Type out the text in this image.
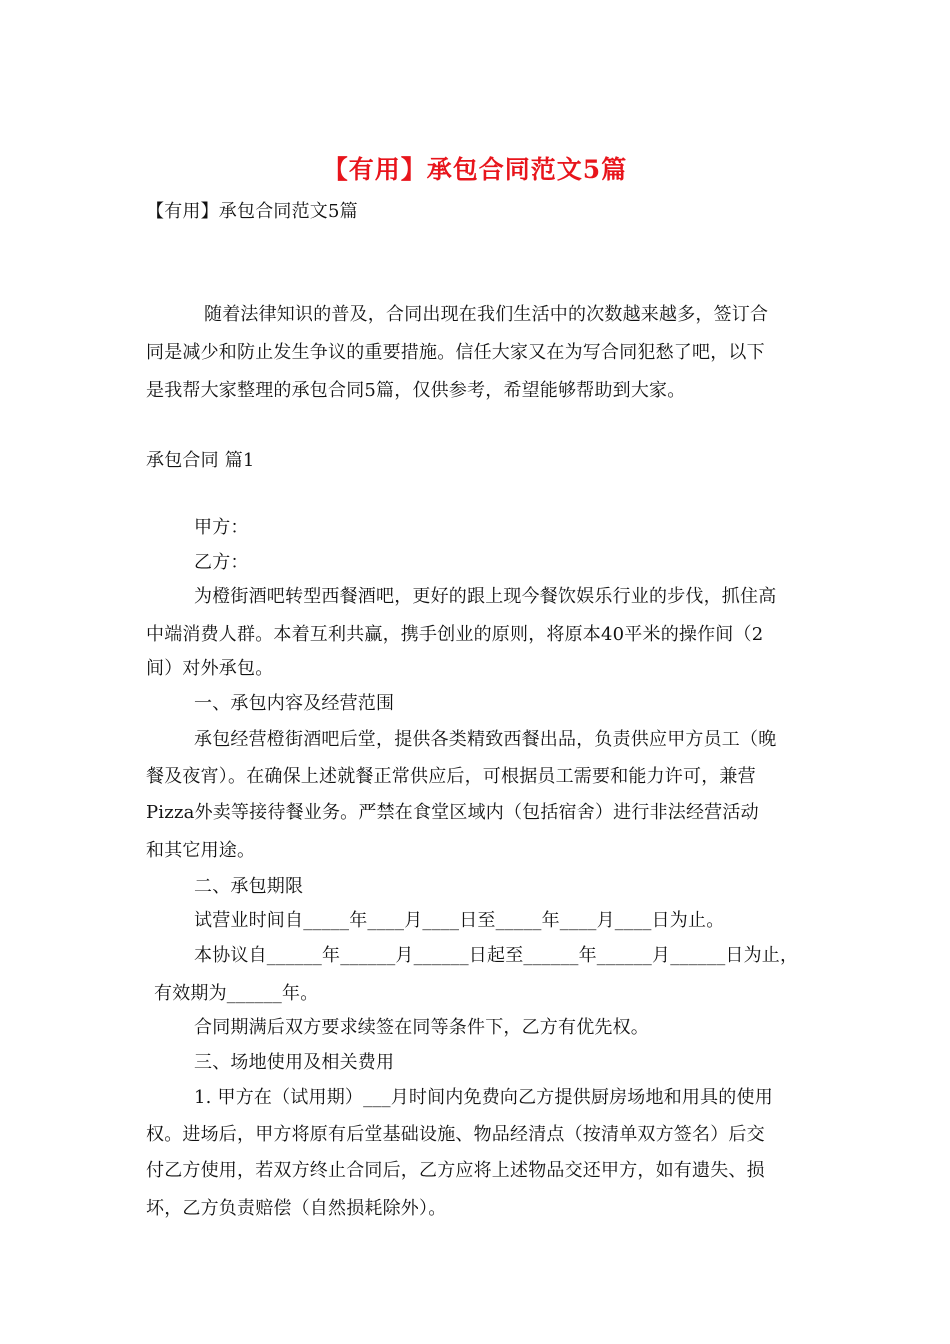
【有用】承包合同范文5篇
【有用】承包合同范文5篇
随着法律知识的普及，合同出现在我们生活中的次数越来越多，签订合
同是减少和防止发生争议的重要措施。信任大家又在为写合同犯愁了吧，以下
是我帮大家整理的承包合同5篇，仅供参考，希望能够帮助到大家。
承包合同 篇1
甲方：
乙方：
为橙街酒吧转型西餐酒吧，更好的跟上现今餐饮娱乐行业的步伐，抓住高
中端消费人群。本着互利共赢，携手创业的原则，将原本40平米的操作间（2
间）对外承包。
一、承包内容及经营范围
承包经营橙街酒吧后堂，提供各类精致西餐出品，负责供应甲方员工（晚
餐及夜宵）。在确保上述就餐正常供应后，可根据员工需要和能力许可，兼营
Pizza外卖等接待餐业务。严禁在食堂区域内（包括宿舍）进行非法经营活动
和其它用途。
二、承包期限
试营业时间自_____年____月____日至_____年____月____日为止。
本协议自______年______月______日起至______年______月______日为止，
有效期为______年。
合同期满后双方要求续签在同等条件下，乙方有优先权。
三、场地使用及相关费用
1. 甲方在（试用期）___月时间内免费向乙方提供厨房场地和用具的使用
权。进场后，甲方将原有后堂基础设施、物品经清点（按清单双方签名）后交
付乙方使用，若双方终止合同后，乙方应将上述物品交还甲方，如有遗失、损
坏，乙方负责赔偿（自然损耗除外）。
